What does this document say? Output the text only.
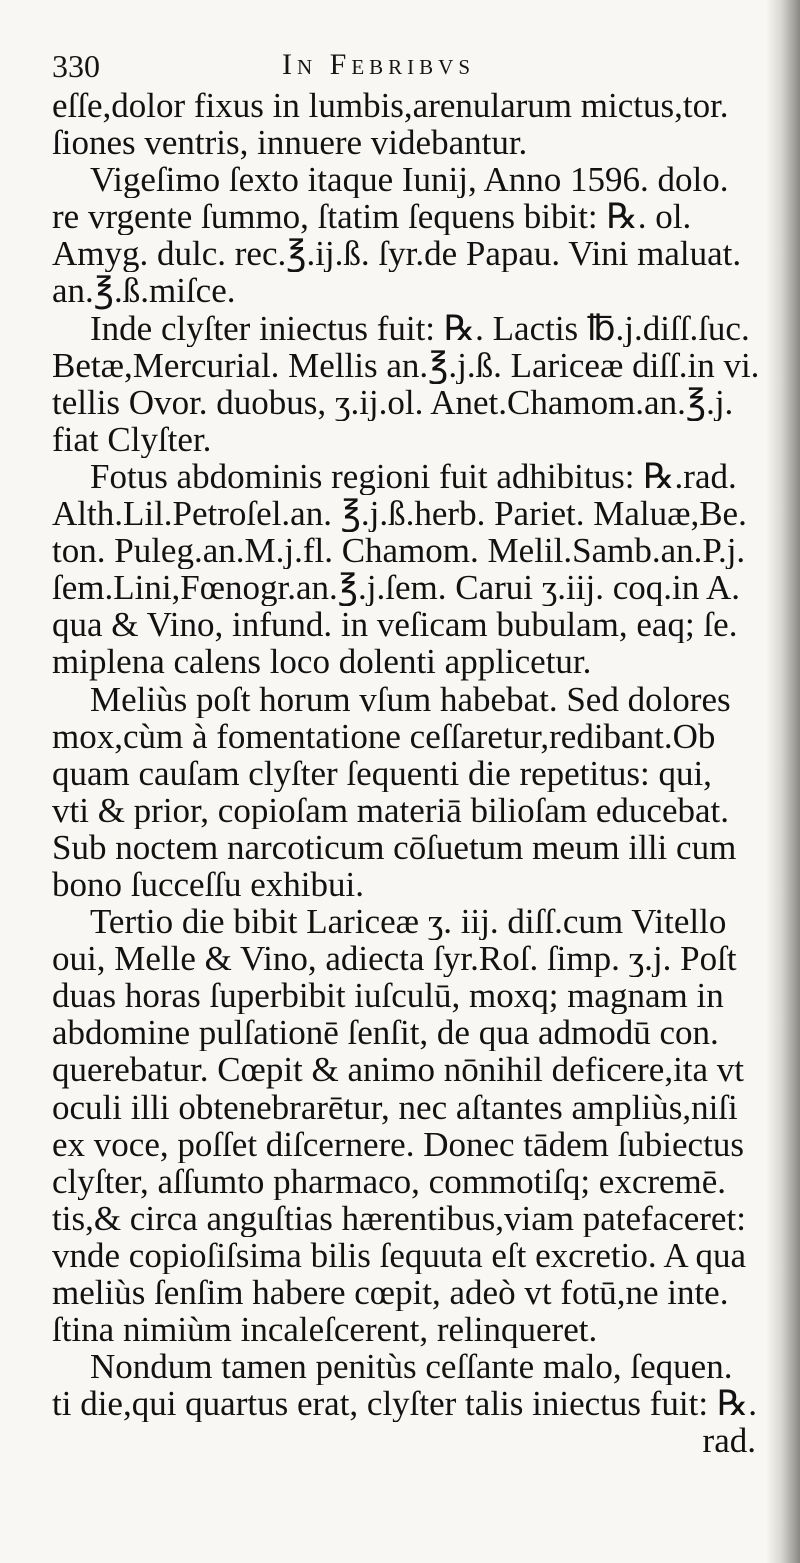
330	In Febribvs
eſſe,dolor fixus in lumbis,arenularum mictus,tor.
ſiones ventris, innuere videbantur.
Vigeſimo ſexto itaque Iunij, Anno 1596. dolo.
re vrgente ſummo, ſtatim ſequens bibit: ℞. ol.
Amyg. dulc. rec.℥.ij.ß. ſyr.de Papau. Vini maluat.
an.℥.ß.miſce.
Inde clyſter iniectus fuit: ℞. Lactis ℔.j.diſſ.ſuc.
Betæ,Mercurial. Mellis an.℥.j.ß. Lariceæ diſſ.in vi.
tellis Ovor. duobus, ʒ.ij.ol. Anet.Chamom.an.℥.j.
fiat Clyſter.
Fotus abdominis regioni fuit adhibitus: ℞.rad.
Alth.Lil.Petroſel.an. ℥.j.ß.herb. Pariet. Maluæ,Be.
ton. Puleg.an.M.j.fl. Chamom. Melil.Samb.an.P.j.
ſem.Lini,Fœnogr.an.℥.j.ſem. Carui ʒ.iij. coq.in A.
qua & Vino, infund. in veſicam bubulam, eaq; ſe.
miplena calens loco dolenti applicetur.
Meliùs poſt horum vſum habebat. Sed dolores
mox,cùm à fomentatione ceſſaretur,redibant.Ob
quam cauſam clyſter ſequenti die repetitus: qui,
vti & prior, copioſam materiā bilioſam educebat.
Sub noctem narcoticum cōſuetum meum illi cum
bono ſucceſſu exhibui.
Tertio die bibit Lariceæ ʒ. iij. diſſ.cum Vitello
oui, Melle & Vino, adiecta ſyr.Roſ. ſimp. ʒ.j. Poſt
duas horas ſuperbibit iuſculū, moxq; magnam in
abdomine pulſationē ſenſit, de qua admodū con.
querebatur. Cœpit & animo nōnihil deficere,ita vt
oculi illi obtenebrarētur, nec aſtantes ampliùs,niſi
ex voce, poſſet diſcernere. Donec tādem ſubiectus
clyſter, aſſumto pharmaco, commotiſq; excremē.
tis,& circa anguſtias hærentibus,viam patefaceret:
vnde copioſiſsima bilis ſequuta eſt excretio. A qua
meliùs ſenſim habere cœpit, adeò vt fotū,ne inte.
ſtina nimiùm incaleſcerent, relinqueret.
Nondum tamen penitùs ceſſante malo, ſequen.
ti die,qui quartus erat, clyſter talis iniectus fuit: ℞.
rad.
